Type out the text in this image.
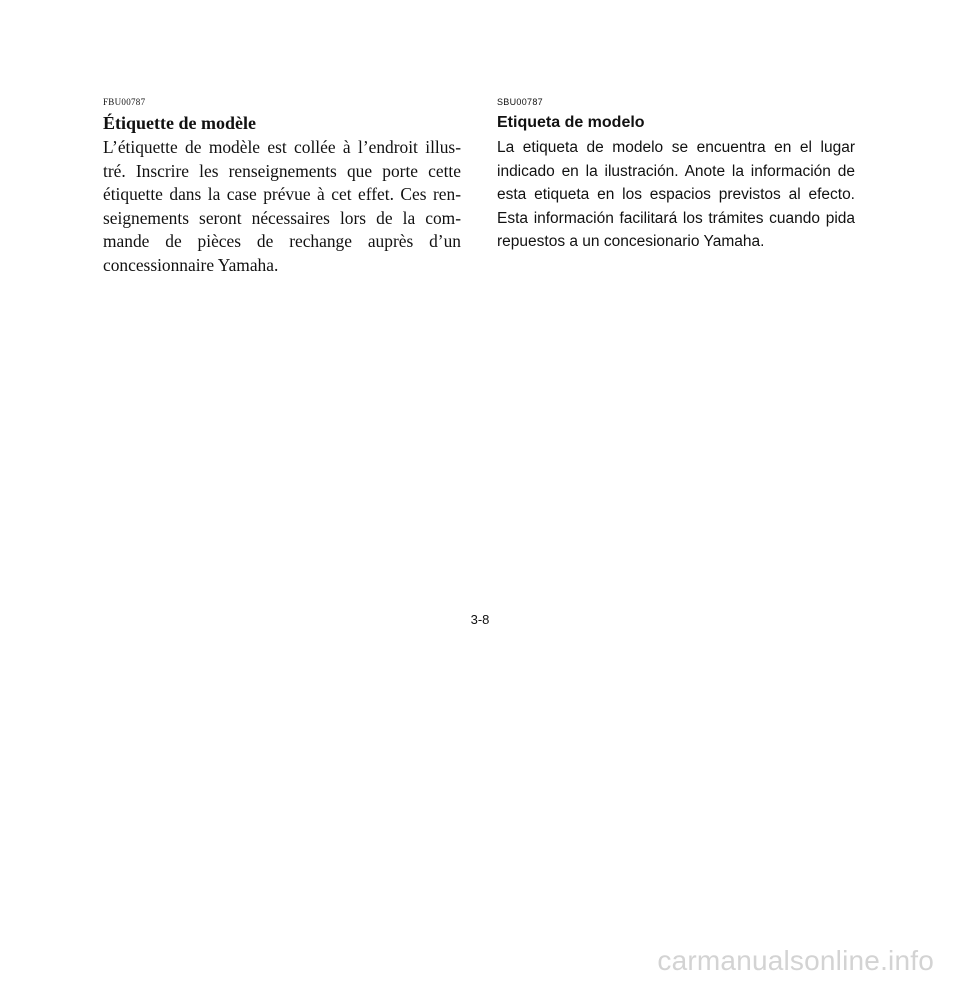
FBU00787

Étiquette de modèle

L’étiquette de modèle est collée à l’endroit illus- tré. Inscrire les renseignements que porte cette étiquette dans la case prévue à cet effet. Ces ren- seignements seront nécessaires lors de la com- mande de pièces de rechange auprès d’un concessionnaire Yamaha.

SBU00787

Etiqueta de modelo

La etiqueta de modelo se encuentra en el lugar indicado en la ilustración. Anote la información de esta etiqueta en los espacios previstos al efecto. Esta información facilitará los trámites cuando pida repuestos a un concesionario Yamaha.

3-8
carmanualsonline.info
